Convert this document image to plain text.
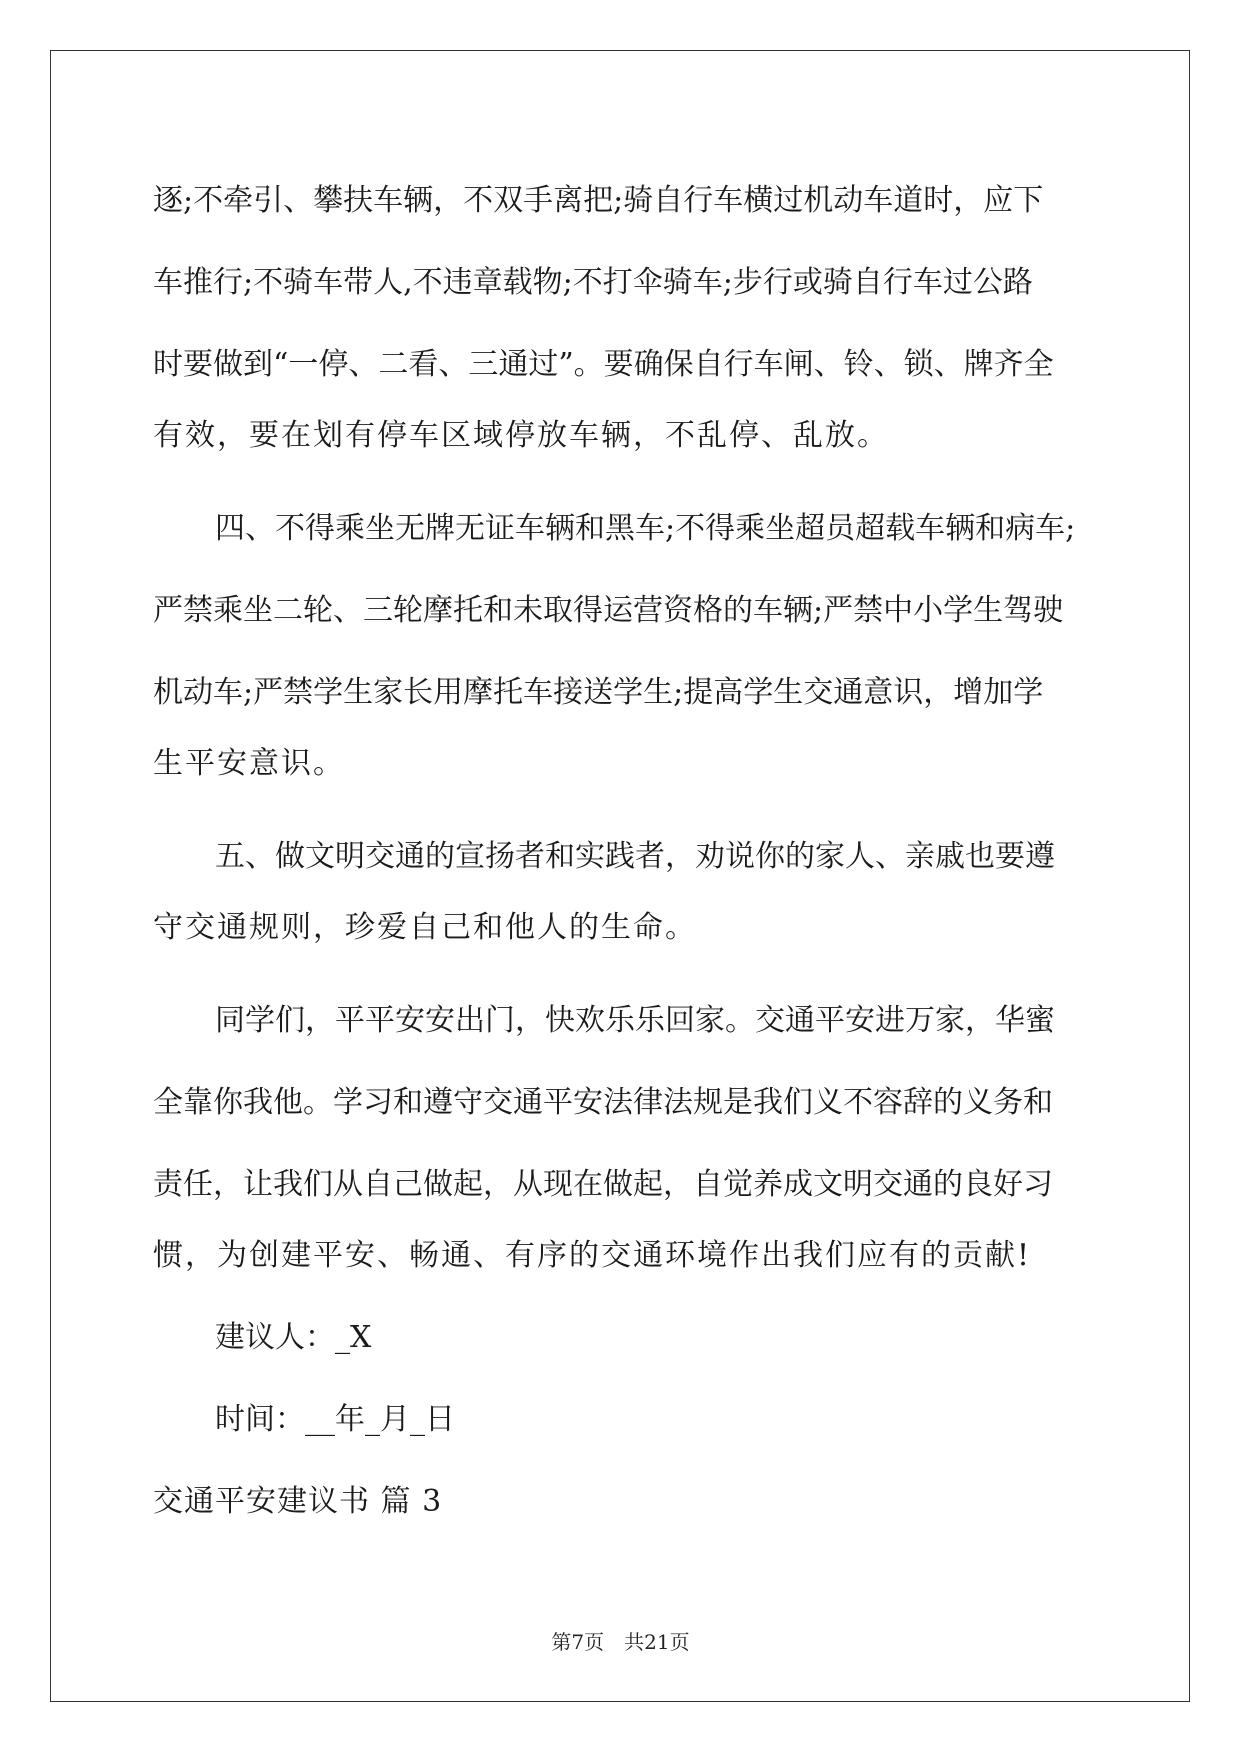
逐;不牵引、攀扶车辆，不双手离把;骑自行车横过机动车道时，应下
车推行;不骑车带人,不违章载物;不打伞骑车;步行或骑自行车过公路
时要做到“一停、二看、三通过”。要确保自行车闸、铃、锁、牌齐全
有效，要在划有停车区域停放车辆，不乱停、乱放。
四、不得乘坐无牌无证车辆和黑车;不得乘坐超员超载车辆和病车;
严禁乘坐二轮、三轮摩托和未取得运营资格的车辆;严禁中小学生驾驶
机动车;严禁学生家长用摩托车接送学生;提高学生交通意识，增加学
生平安意识。
五、做文明交通的宣扬者和实践者，劝说你的家人、亲戚也要遵
守交通规则，珍爱自己和他人的生命。
同学们，平平安安出门，快欢乐乐回家。交通平安进万家，华蜜
全靠你我他。学习和遵守交通平安法律法规是我们义不容辞的义务和
责任，让我们从自己做起，从现在做起，自觉养成文明交通的良好习
惯，为创建平安、畅通、有序的交通环境作出我们应有的贡献!
建议人：_X
时间：__年_月_日
交通平安建议书 篇 3
第7页　共21页
